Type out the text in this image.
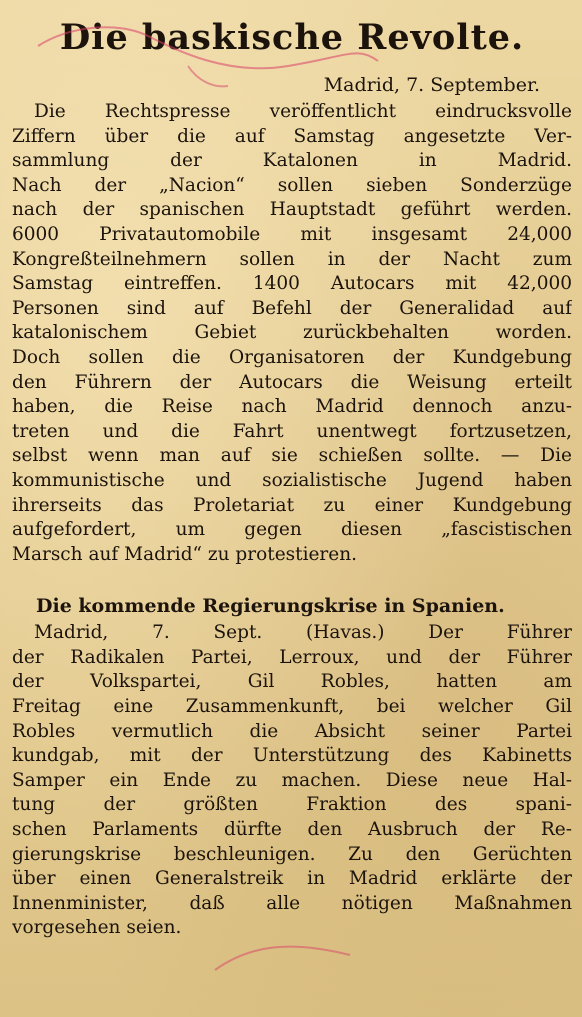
Die baskische Revolte.
Madrid, 7. September.
Die Rechtspresse veröffentlicht eindrucksvolle
Ziffern über die auf Samstag angesetzte Ver-
sammlung der Katalonen in Madrid.
Nach der „Nacion“ sollen sieben Sonderzüge
nach der spanischen Hauptstadt geführt werden.
6000 Privatautomobile mit insgesamt 24,000
Kongreßteilnehmern sollen in der Nacht zum
Samstag eintreffen. 1400 Autocars mit 42,000
Personen sind auf Befehl der Generalidad auf
katalonischem Gebiet zurückbehalten worden.
Doch sollen die Organisatoren der Kundgebung
den Führern der Autocars die Weisung erteilt
haben, die Reise nach Madrid dennoch anzu-
treten und die Fahrt unentwegt fortzusetzen,
selbst wenn man auf sie schießen sollte. — Die
kommunistische und sozialistische Jugend haben
ihrerseits das Proletariat zu einer Kundgebung
aufgefordert, um gegen diesen „fascistischen
Marsch auf Madrid“ zu protestieren.
Die kommende Regierungskrise in Spanien.
Madrid, 7. Sept. (Havas.) Der Führer
der Radikalen Partei, Lerroux, und der Führer
der Volkspartei, Gil Robles, hatten am
Freitag eine Zusammenkunft, bei welcher Gil
Robles vermutlich die Absicht seiner Partei
kundgab, mit der Unterstützung des Kabinetts
Samper ein Ende zu machen. Diese neue Hal-
tung der größten Fraktion des spani-
schen Parlaments dürfte den Ausbruch der Re-
gierungskrise beschleunigen. Zu den Gerüchten
über einen Generalstreik in Madrid erklärte der
Innenminister, daß alle nötigen Maßnahmen
vorgesehen seien.
